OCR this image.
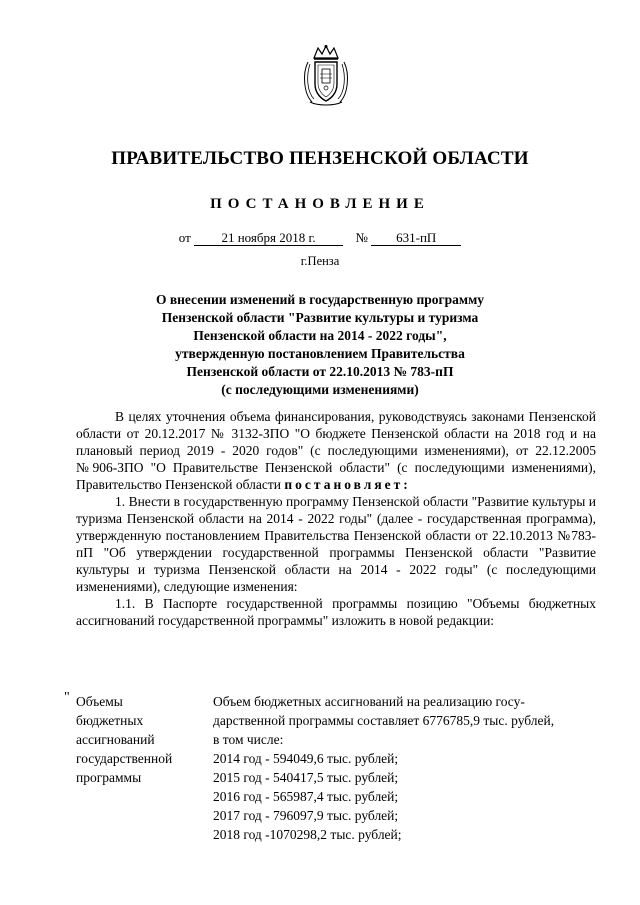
ПРАВИТЕЛЬСТВО ПЕНЗЕНСКОЙ ОБЛАСТИ
ПОСТАНОВЛЕНИЕ
от 21 ноября 2018 г.	№ 631-пП
г.Пенза
О внесении изменений в государственную программу
Пензенской области "Развитие культуры и туризма
Пензенской области на 2014 - 2022 годы",
утвержденную постановлением Правительства
Пензенской области от 22.10.2013 № 783-пП
(с последующими изменениями)

В целях уточнения объема финансирования, руководствуясь законами Пензенской области от 20.12.2017 № 3132-ЗПО "О бюджете Пензенской области на 2018 год и на плановый период 2019 - 2020 годов" (с последующими изменениями), от 22.12.2005 №906-ЗПО "О Правительстве Пензенской области" (с последующими изменениями), Правительство Пензенской области постановляет:

1. Внести в государственную программу Пензенской области "Развитие культуры и туризма Пензенской области на 2014 - 2022 годы" (далее - государственная программа), утвержденную постановлением Правительства Пензенской области от 22.10.2013 №783-пП "Об утверждении государственной программы Пензенской области "Развитие культуры и туризма Пензенской области на 2014 - 2022 годы" (с последующими изменениями), следующие изменения:

1.1. В Паспорте государственной программы позицию "Объемы бюджетных ассигнований государственной программы" изложить в новой редакции:

" Объемы
бюджетных
ассигнований
государственной
программы
Объем бюджетных ассигнований на реализацию госу-
дарственной программы составляет 6776785,9 тыс. рублей,
в том числе:
2014 год - 594049,6 тыс. рублей;
2015 год - 540417,5 тыс. рублей;
2016 год - 565987,4 тыс. рублей;
2017 год - 796097,9 тыс. рублей;
2018 год -1070298,2 тыс. рублей;
